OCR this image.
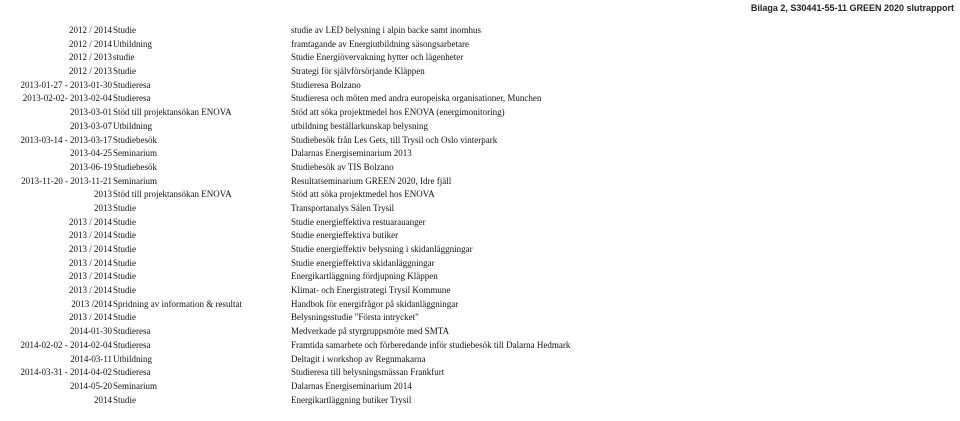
Bilaga 2, S30441-55-11 GREEN 2020 slutrapport
2012 / 2014 Studie	studie av LED belysning i alpin backe samt inomhus
2012 / 2014 Utbildning	framtagande av Energiutbildning säsongsarbetare
2012 / 2013 studie	Studie Energiövervakning hytter och lägenheter
2012 / 2013 Studie	Strategi för självförsörjande Kläppen
2013-01-27 - 2013-01-30 Studieresa	Studieresa Bolzano
2013-02-02- 2013-02-04 Studieresa	Studieresa och möten med andra europeiska organisationer, Munchen
2013-03-01 Stöd till projektansökan ENOVA	Stöd att söka projektmedel hos ENOVA (energimonitoring)
2013-03-07 Utbildning	utbildning beställarkunskap belysning
2013-03-14 - 2013-03-17 Studiebesök	Studiebesök från Les Gets, till Trysil och Oslo vinterpark
2013-04-25 Seminarium	Dalarnas Energiseminarium 2013
2013-06-19 Studiebesök	Studiebesök av TIS Bolzano
2013-11-20 - 2013-11-21 Seminarium	Resultatseminarium GREEN 2020, Idre fjäll
2013 Stöd till projektansökan ENOVA	Stöd att söka projektmedel hos ENOVA
2013 Studie	Transportanalys Sälen Trysil
2013 / 2014 Studie	Studie energieffektiva restuarauanger
2013 / 2014 Studie	Studie energieffektiva butiker
2013 / 2014 Studie	Studie energieffektiv belysning i skidanläggningar
2013 / 2014 Studie	Studie energieffektiva skidanläggningar
2013 / 2014 Studie	Energikartläggning fördjupning Kläppen
2013 / 2014 Studie	Klimat- och Energistrategi Trysil Kommune
2013 /2014 Spridning av information & resultat	Handbok för energifrågor på skidanläggningar
2013 / 2014 Studie	Belysningsstudie "Första intrycket"
2014-01-30 Studieresa	Medverkade på styrgruppsmöte med SMTA
2014-02-02 - 2014-02-04 Studieresa	Framtida samarbete och förberedande inför studiebesök till Dalarna Hedmark
2014-03-11 Utbildning	Deltagit i workshop av Regnmakarna
2014-03-31 - 2014-04-02 Studieresa	Studieresa till belysningsmässan Frankfurt
2014-05-20 Seminarium	Dalarnas Energiseminarium 2014
2014 Studie	Energikartläggning butiker Trysil
